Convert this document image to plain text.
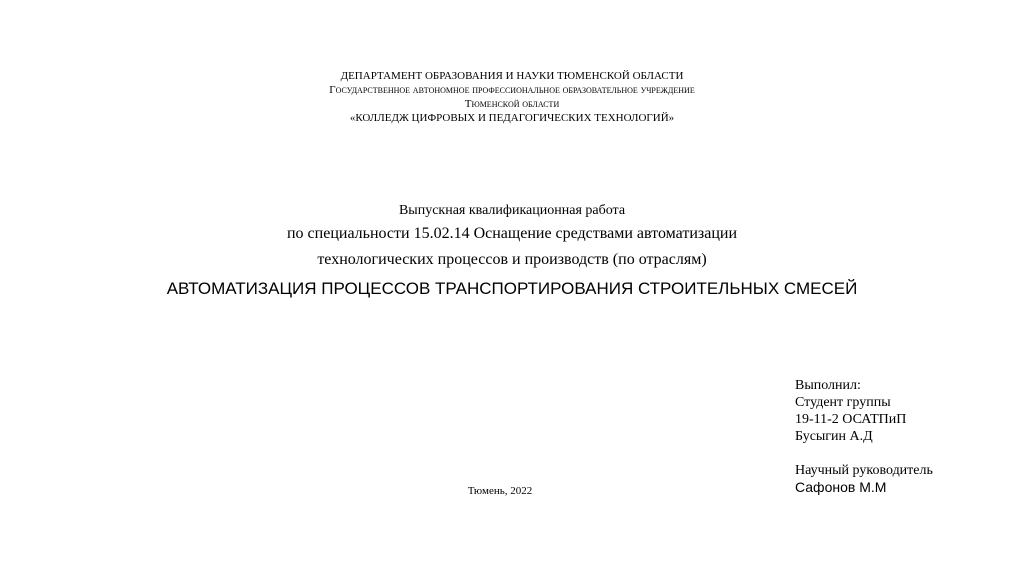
ДЕПАРТАМЕНТ ОБРАЗОВАНИЯ И НАУКИ ТЮМЕНСКОЙ ОБЛАСТИ
Государственное автономное профессиональное образовательное учреждение
Тюменской области
«КОЛЛЕДЖ ЦИФРОВЫХ И ПЕДАГОГИЧЕСКИХ ТЕХНОЛОГИЙ»
Выпускная квалификационная работа
по специальности 15.02.14 Оснащение средствами автоматизации
технологических процессов и производств (по отраслям)
АВТОМАТИЗАЦИЯ ПРОЦЕССОВ ТРАНСПОРТИРОВАНИЯ СТРОИТЕЛЬНЫХ СМЕСЕЙ
Выполнил:
Студент группы
19-11-2 ОСАТПиП
Бусыгин А.Д
Научный руководитель
Сафонов М.М
Тюмень, 2022
